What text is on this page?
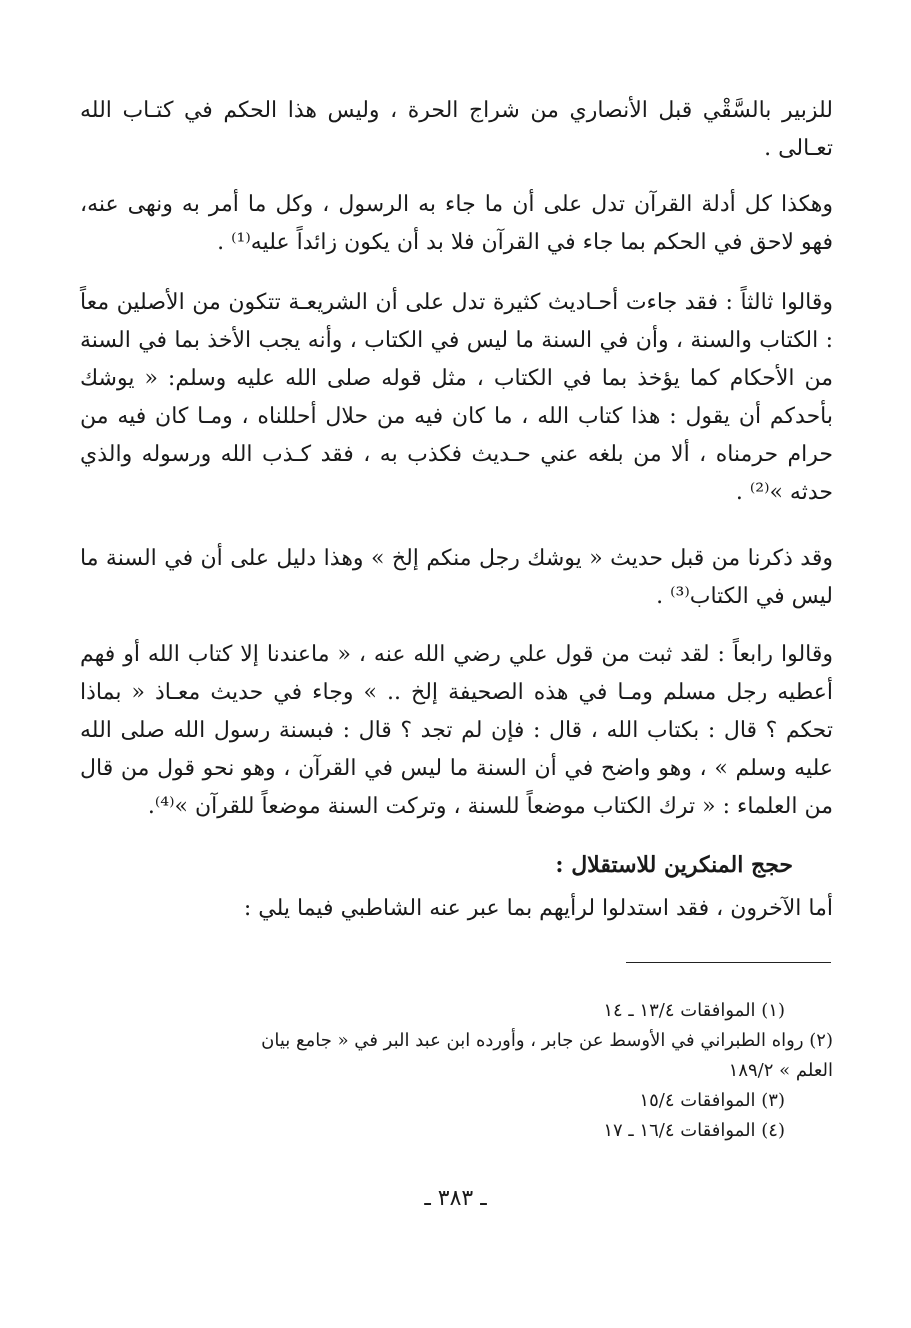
للزبير بالسَّقْي قبل الأنصاري من شراج الحرة ، وليس هذا الحكم في كتـاب الله تعـالى .

وهكذا كل أدلة القرآن تدل على أن ما جاء به الرسول ، وكل ما أمر به ونهى عنه، فهو لاحق في الحكم بما جاء في القرآن فلا بد أن يكون زائداً عليه⁽¹⁾ .

وقالوا ثالثاً : فقد جاءت أحـاديث كثيرة تدل على أن الشريعـة تتكون من الأصلين معاً : الكتاب والسنة ، وأن في السنة ما ليس في الكتاب ، وأنه يجب الأخذ بما في السنة من الأحكام كما يؤخذ بما في الكتاب ، مثل قوله صلى الله عليه وسلم: « يوشك بأحدكم أن يقول : هذا كتاب الله ، ما كان فيه من حلال أحللناه ، ومـا كان فيه من حرام حرمناه ، ألا من بلغه عني حـديث فكذب به ، فقد كـذب الله ورسوله والذي حدثه »⁽²⁾ .

وقد ذكرنا من قبل حديث « يوشك رجل منكم إلخ » وهذا دليل على أن في السنة ما ليس في الكتاب⁽³⁾ .

وقالوا رابعاً : لقد ثبت من قول علي رضي الله عنه ، « ماعندنا إلا كتاب الله أو فهم أعطيه رجل مسلم ومـا في هذه الصحيفة إلخ .. » وجاء في حديث معـاذ « بماذا تحكم ؟ قال : بكتاب الله ، قال : فإن لم تجد ؟ قال : فبسنة رسول الله صلى الله عليه وسلم » ، وهو واضح في أن السنة ما ليس في القرآن ، وهو نحو قول من قال من العلماء : « ترك الكتاب موضعاً للسنة ، وتركت السنة موضعاً للقرآن »⁽⁴⁾.

حجج المنكرين للاستقلال :
أما الآخرون ، فقد استدلوا لرأيهم بما عبر عنه الشاطبي فيما يلي :

(١) الموافقات ١٣/٤ ـ ١٤

(٢) رواه الطبراني في الأوسط عن جابر ، وأورده ابن عبد البر في « جامع بيان

العلم » ١٨٩/٢

(٣) الموافقات ١٥/٤

(٤) الموافقات ١٦/٤ ـ ١٧

ـ ٣٨٣ ـ
